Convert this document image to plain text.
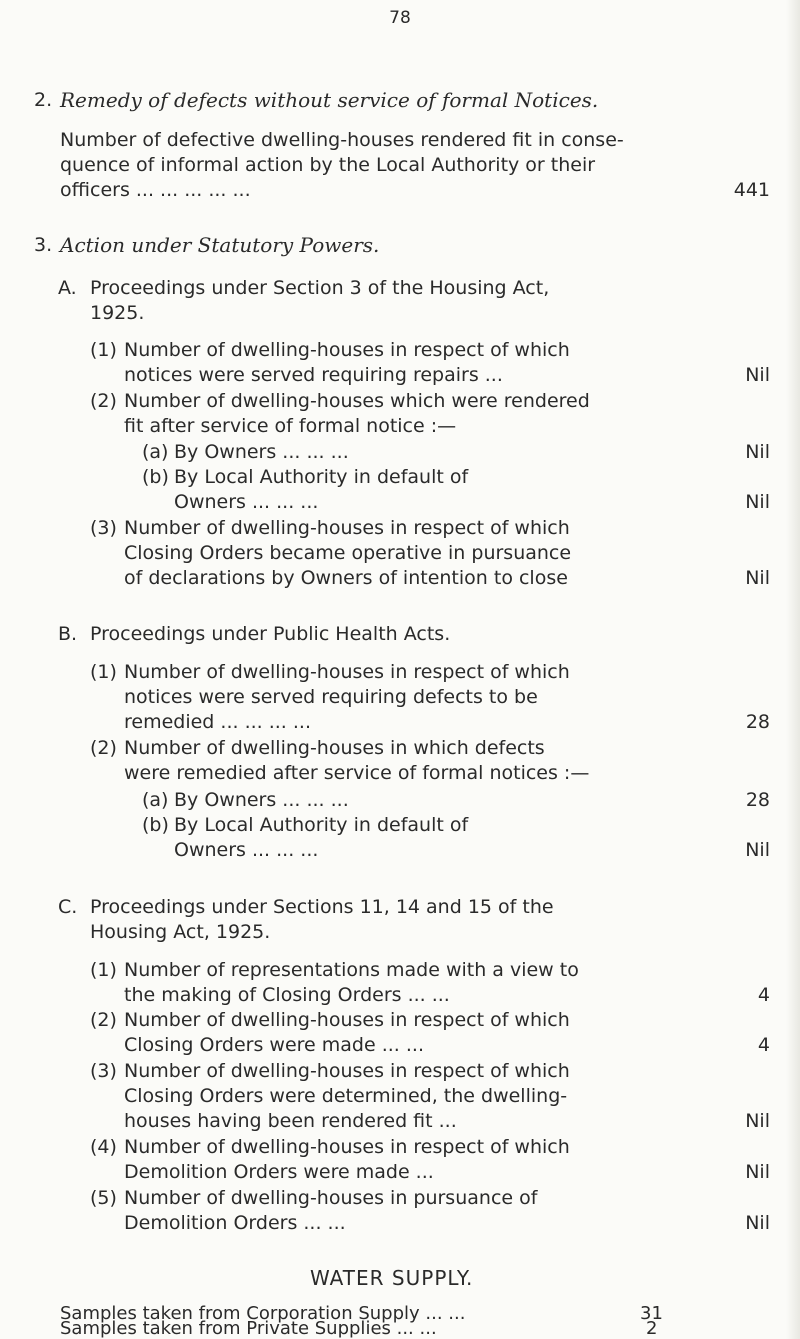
78
2. Remedy of defects without service of formal Notices.
Number of defective dwelling-houses rendered fit in conse-
quence of informal action by the Local Authority or their
officers ... ... ... ... ...	441
3. Action under Statutory Powers.
A. Proceedings under Section 3 of the Housing Act,
1925.
(1) Number of dwelling-houses in respect of which
notices were served requiring repairs ...	Nil
(2) Number of dwelling-houses which were rendered
fit after service of formal notice :—
(a) By Owners ... ... ...	Nil
(b) By Local Authority in default of
Owners ... ... ...	Nil
(3) Number of dwelling-houses in respect of which
Closing Orders became operative in pursuance
of declarations by Owners of intention to close	Nil
B. Proceedings under Public Health Acts.
(1) Number of dwelling-houses in respect of which
notices were served requiring defects to be
remedied ... ... ... ...	28
(2) Number of dwelling-houses in which defects
were remedied after service of formal notices :—
(a) By Owners ... ... ...	28
(b) By Local Authority in default of
Owners ... ... ...	Nil
C. Proceedings under Sections 11, 14 and 15 of the
Housing Act, 1925.
(1) Number of representations made with a view to
the making of Closing Orders ... ...	4
(2) Number of dwelling-houses in respect of which
Closing Orders were made ... ...	4
(3) Number of dwelling-houses in respect of which
Closing Orders were determined, the dwelling-
houses having been rendered fit ...	Nil
(4) Number of dwelling-houses in respect of which
Demolition Orders were made ...	Nil
(5) Number of dwelling-houses in pursuance of
Demolition Orders ... ...	Nil
WATER SUPPLY.
Samples taken from Corporation Supply ... ...	31
Samples taken from Private Supplies ... ...	2
